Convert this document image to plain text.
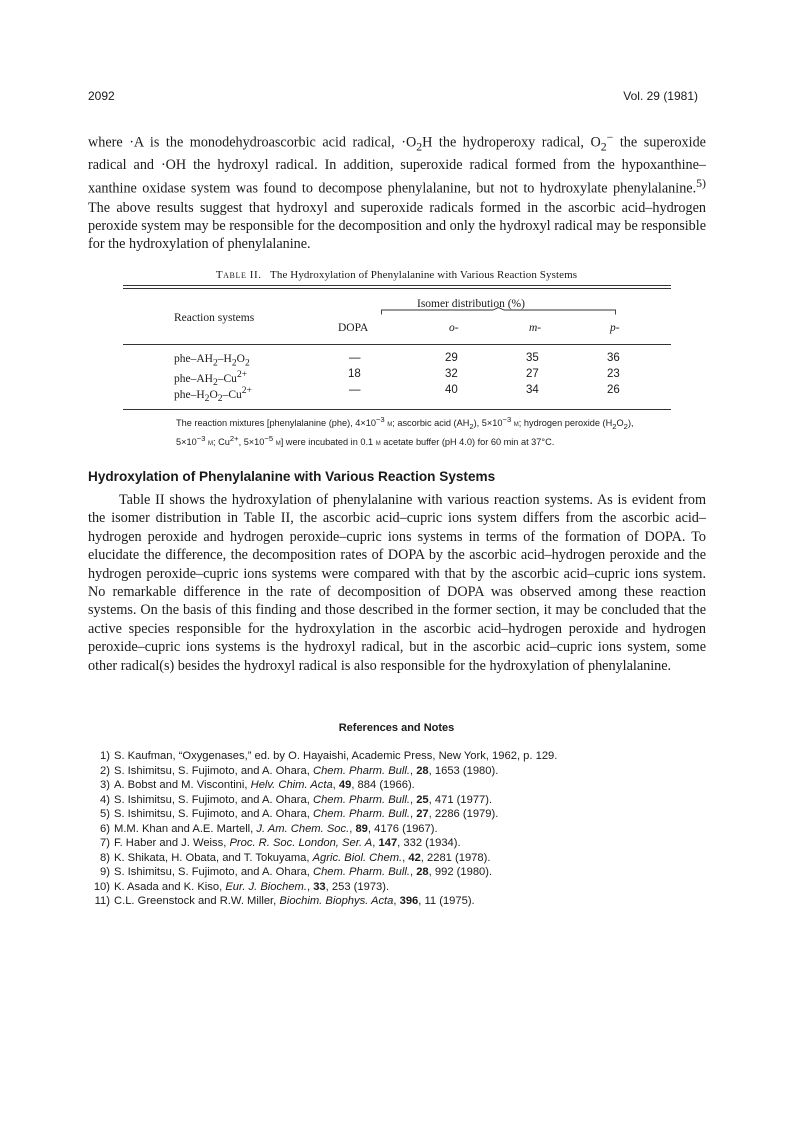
2092	Vol. 29 (1981)
where ·A is the monodehydroascorbic acid radical, $\cdot O_2H$ the hydroperoxy radical, $O_2^-$ the superoxide radical and ·OH the hydroxyl radical. In addition, superoxide radical formed from the hypoxanthine–xanthine oxidase system was found to decompose phenylalanine, but not to hydroxylate phenylalanine.$^{5)}$ The above results suggest that hydroxyl and superoxide radicals formed in the ascorbic acid–hydrogen peroxide system may be responsible for the decomposition and only the hydroxyl radical may be responsible for the hydroxylation of phenylalanine.
Table II. The Hydroxylation of Phenylalanine with Various Reaction Systems
Reaction systems
Isomer distribution (%)
DOPA	o-	m-	p-
phe–$AH_2-H_2O_2$	—	29	35	36
phe–$AH_2-Cu^{2+}$	18	32	27	23
phe–$H_2O_2-Cu^{2+}$	—	40	34	26
The reaction mixtures [phenylalanine (phe), $4\times 10^{-3}$ m; ascorbic acid $(AH_2)$, $5\times 10^{-3}$ m; hydrogen peroxide $(H_2O_2)$, $5\times 10^{-3}$ m; $Cu^{2+}$, $5\times 10^{-5}$ m] were incubated in 0.1 m acetate buffer (pH 4.0) for 60 min at 37°C.
Hydroxylation of Phenylalanine with Various Reaction Systems
Table II shows the hydroxylation of phenylalanine with various reaction systems. As is evident from the isomer distribution in Table II, the ascorbic acid–cupric ions system differs from the ascorbic acid–hydrogen peroxide and hydrogen peroxide–cupric ions systems in terms of the formation of DOPA. To elucidate the difference, the decomposition rates of DOPA by the ascorbic acid–hydrogen peroxide and the hydrogen peroxide–cupric ions systems were compared with that by the ascorbic acid–cupric ions system. No remarkable difference in the rate of decomposition of DOPA was observed among these reaction systems. On the basis of this finding and those described in the former section, it may be concluded that the active species responsible for the hydroxylation in the ascorbic acid–hydrogen peroxide and hydrogen peroxide–cupric ions systems is the hydroxyl radical, but in the ascorbic acid–cupric ions system, some other radical(s) besides the hydroxyl radical is also responsible for the hydroxylation of phenylalanine.
References and Notes
1) S. Kaufman, “Oxygenases,” ed. by O. Hayaishi, Academic Press, New York, 1962, p. 129.
2) S. Ishimitsu, S. Fujimoto, and A. Ohara, Chem. Pharm. Bull., 28, 1653 (1980).
3) A. Bobst and M. Viscontini, Helv. Chim. Acta, 49, 884 (1966).
4) S. Ishimitsu, S. Fujimoto, and A. Ohara, Chem. Pharm. Bull., 25, 471 (1977).
5) S. Ishimitsu, S. Fujimoto, and A. Ohara, Chem. Pharm. Bull., 27, 2286 (1979).
6) M.M. Khan and A.E. Martell, J. Am. Chem. Soc., 89, 4176 (1967).
7) F. Haber and J. Weiss, Proc. R. Soc. London, Ser. A, 147, 332 (1934).
8) K. Shikata, H. Obata, and T. Tokuyama, Agric. Biol. Chem., 42, 2281 (1978).
9) S. Ishimitsu, S. Fujimoto, and A. Ohara, Chem. Pharm. Bull., 28, 992 (1980).
10) K. Asada and K. Kiso, Eur. J. Biochem., 33, 253 (1973).
11) C.L. Greenstock and R.W. Miller, Biochim. Biophys. Acta, 396, 11 (1975).
